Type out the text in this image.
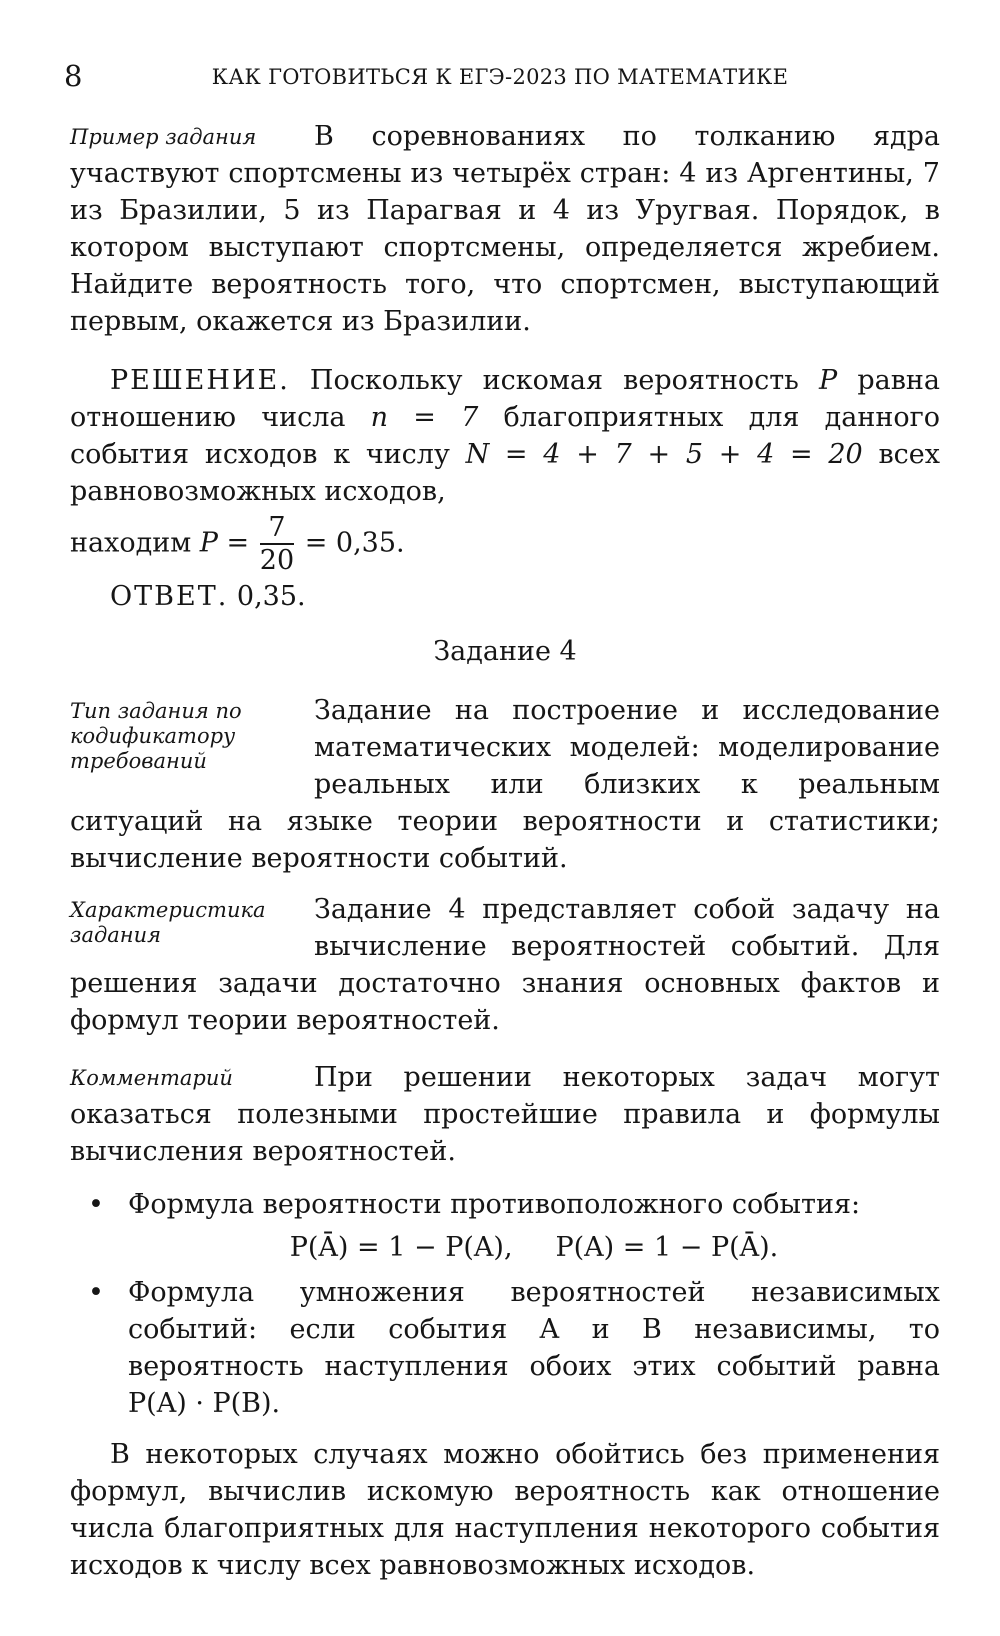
8	КАК ГОТОВИТЬСЯ К ЕГЭ-2023 ПО МАТЕМАТИКЕ
Пример задания	В соревнованиях по толканию ядра участвуют спортсмены из четырёх стран: 4 из Аргентины, 7 из Бразилии, 5 из Парагвая и 4 из Уругвая. Порядок, в котором выступают спортсмены, определяется жребием. Найдите вероятность того, что спортсмен, выступающий первым, окажется из Бразилии.

РЕШЕНИЕ. Поскольку искомая вероятность P равна отношению числа n = 7 благоприятных для данного события исходов к числу N = 4 + 7 + 5 + 4 = 20 всех равновозможных исходов,

находим $P = \frac{7}{20} = 0,35$.

ОТВЕТ. 0,35.

Задание 4
Тип задания по кодификатору требований

Задание на построение и исследование математических моделей: моделирование реальных или близких к реальным ситуаций на языке теории вероятности и статистики; вычисление вероятности событий.

Характеристика задания

Задание 4 представляет собой задачу на вычисление вероятностей событий. Для решения задачи достаточно знания основных фактов и формул теории вероятностей.

Комментарий	При решении некоторых задач могут оказаться полезными простейшие правила и формулы вычисления вероятностей.

• Формула вероятности противоположного события:
P(Ā) = 1 − P(A), P(A) = 1 − P(Ā).
• Формула умножения вероятностей независимых событий: если события A и B независимы, то вероятность наступления обоих этих событий равна P(A) · P(B).

В некоторых случаях можно обойтись без применения формул, вычислив искомую вероятность как отношение числа благоприятных для наступления некоторого события исходов к числу всех равновозможных исходов.
